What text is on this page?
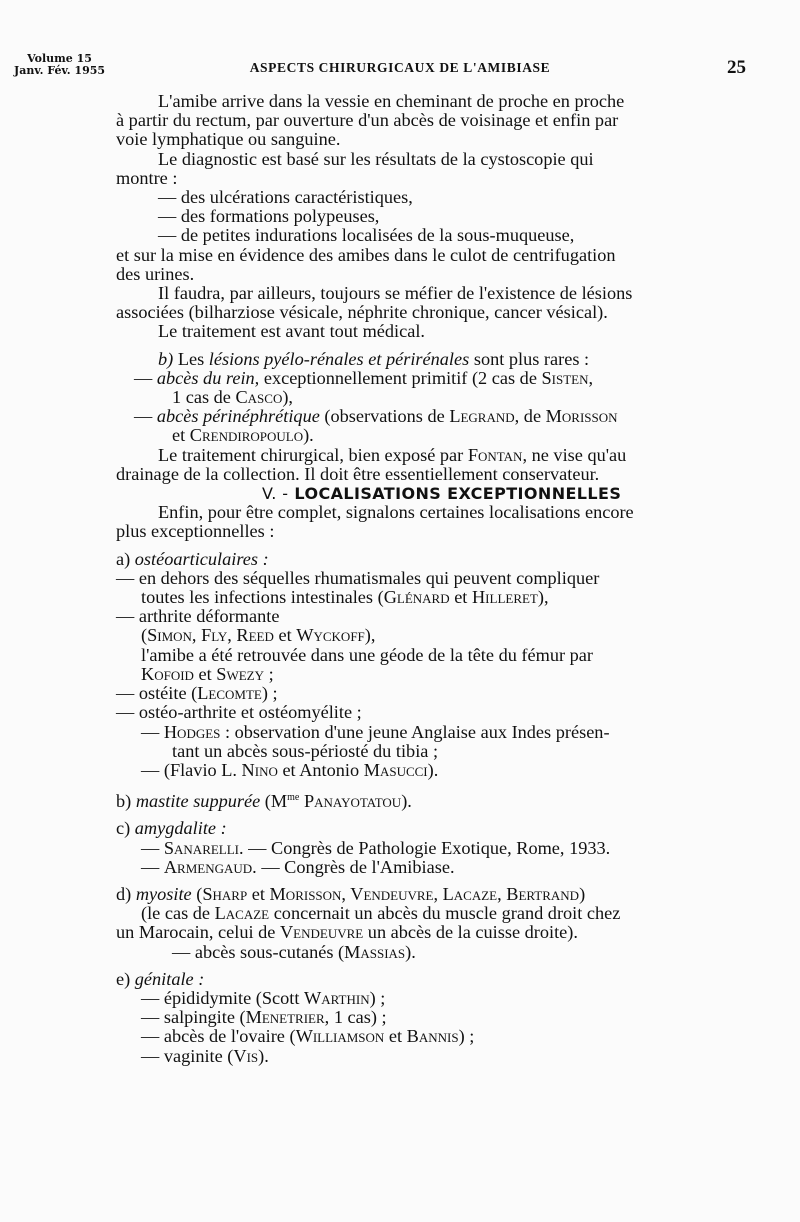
Volume 15
Janv. Fév. 1955	ASPECTS CHIRURGICAUX DE L'AMIBIASE	25

L'amibe arrive dans la vessie en cheminant de proche en proche

à partir du rectum, par ouverture d'un abcès de voisinage et enfin par

voie lymphatique ou sanguine.

Le diagnostic est basé sur les résultats de la cystoscopie qui

montre :

— des ulcérations caractéristiques,

— des formations polypeuses,

— de petites indurations localisées de la sous-muqueuse,

et sur la mise en évidence des amibes dans le culot de centrifugation

des urines.

Il faudra, par ailleurs, toujours se méfier de l'existence de lésions

associées (bilharziose vésicale, néphrite chronique, cancer vésical).

Le traitement est avant tout médical.

b) Les lésions pyélo-rénales et périrénales sont plus rares :

— abcès du rein, exceptionnellement primitif (2 cas de Sisten,

1 cas de Casco),

— abcès périnéphrétique (observations de Legrand, de Morisson

et Crendiropoulo).

Le traitement chirurgical, bien exposé par Fontan, ne vise qu'au

drainage de la collection. Il doit être essentiellement conservateur.

V. - LOCALISATIONS EXCEPTIONNELLES

Enfin, pour être complet, signalons certaines localisations encore

plus exceptionnelles :

a) ostéoarticulaires :

— en dehors des séquelles rhumatismales qui peuvent compliquer

toutes les infections intestinales (Glénard et Hilleret),

— arthrite déformante

(Simon, Fly, Reed et Wyckoff),

l'amibe a été retrouvée dans une géode de la tête du fémur par

Kofoid et Swezy ;

— ostéite (Lecomte) ;

— ostéo-arthrite et ostéomyélite ;

— Hodges : observation d'une jeune Anglaise aux Indes présen-

tant un abcès sous-périosté du tibia ;

— (Flavio L. Nino et Antonio Masucci).

b) mastite suppurée ($M^{me}$ Panayotatou).

c) amygdalite :

— Sanarelli. — Congrès de Pathologie Exotique, Rome, 1933.

— Armengaud. — Congrès de l'Amibiase.

d) myosite (Sharp et Morisson, Vendeuvre, Lacaze, Bertrand)

(le cas de Lacaze concernait un abcès du muscle grand droit chez

un Marocain, celui de Vendeuvre un abcès de la cuisse droite).

— abcès sous-cutanés (Massias).

e) génitale :

— épididymite (Scott Warthin) ;

— salpingite (Menetrier, 1 cas) ;

— abcès de l'ovaire (Williamson et Bannis) ;

— vaginite (Vis).
